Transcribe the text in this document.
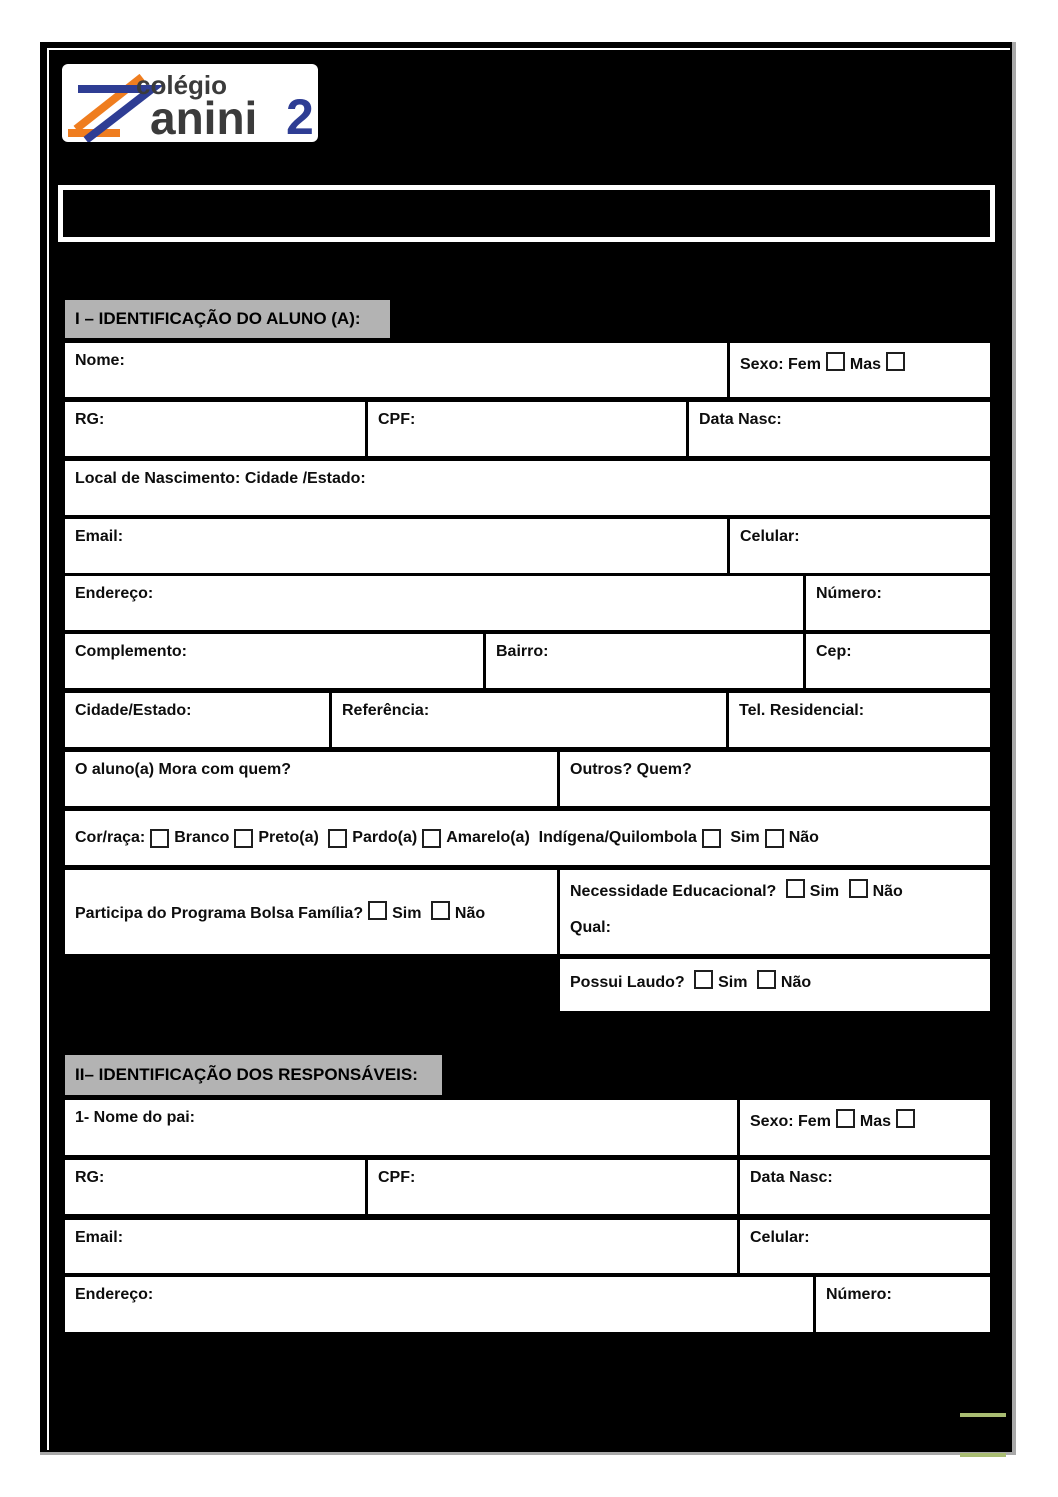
colégio
anini 2
I – IDENTIFICAÇÃO DO ALUNO (A):
Nome:	Sexo: Fem Mas
RG:	CPF:	Data Nasc:
Local de Nascimento: Cidade /Estado:
Email:	Celular:
Endereço:	Número:
Complemento:	Bairro:	Cep:
Cidade/Estado:	Referência:	Tel. Residencial:
O aluno(a) Mora com quem?	Outros? Quem?
Cor/raça: Branco Preto(a)
Pardo(a) Amarelo(a)
Indígena/Quilombola
Sim Não
Participa do Programa Bolsa Família? Sim Não
Necessidade Educacional? Sim Não
Qual:
Possui Laudo? Sim Não
II– IDENTIFICAÇÃO DOS RESPONSÁVEIS:
1- Nome do pai:	Sexo: Fem Mas
RG:	CPF:	Data Nasc:
Email:	Celular:
Endereço:	Número:
